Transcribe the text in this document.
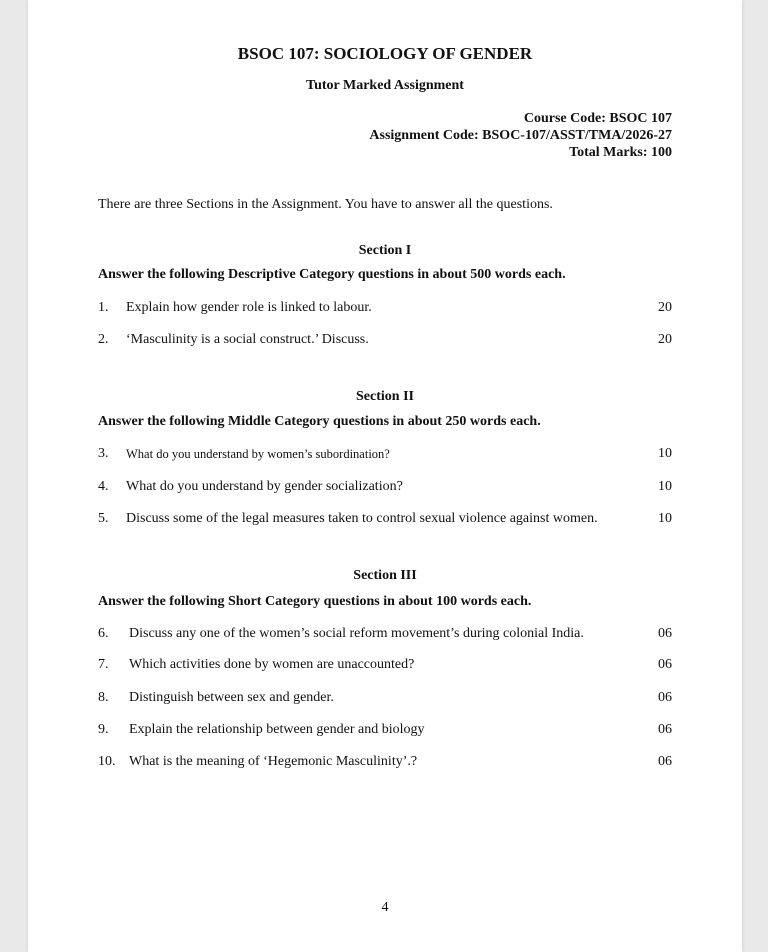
BSOC 107: SOCIOLOGY OF GENDER
Tutor Marked Assignment
Course Code: BSOC 107
Assignment Code: BSOC-107/ASST/TMA/2026-27
Total Marks: 100
There are three Sections in the Assignment. You have to answer all the questions.
Section I
Answer the following Descriptive Category questions in about 500 words each.
1. Explain how gender role is linked to labour.	20
2. ‘Masculinity is a social construct.’ Discuss.	20
Section II
Answer the following Middle Category questions in about 250 words each.
3. What do you understand by women’s subordination?	10
4. What do you understand by gender socialization?	10
5. Discuss some of the legal measures taken to control sexual violence against women.	10
Section III
Answer the following Short Category questions in about 100 words each.
6. Discuss any one of the women’s social reform movement’s during colonial India.	06
7. Which activities done by women are unaccounted?	06
8. Distinguish between sex and gender.	06
9. Explain the relationship between gender and biology	06
10. What is the meaning of ‘Hegemonic Masculinity’.?	06
4
